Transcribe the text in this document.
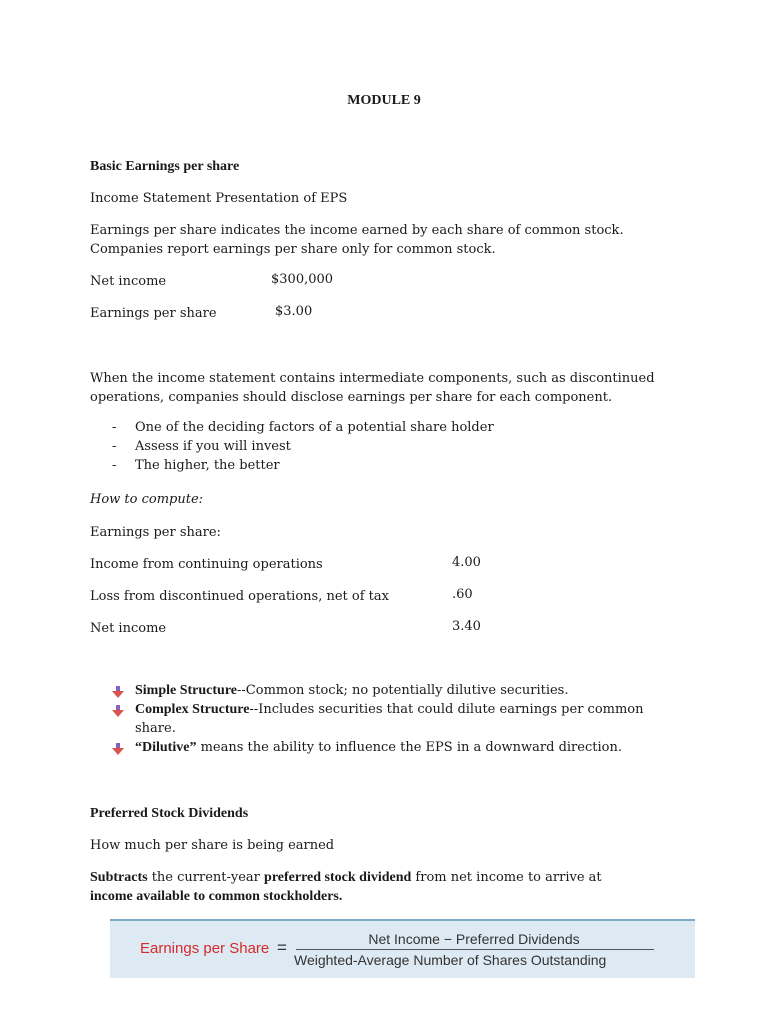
MODULE 9
Basic Earnings per share
Income Statement Presentation of EPS
Earnings per share indicates the income earned by each share of common stock.
Companies report earnings per share only for common stock.
Net income	$300,000
Earnings per share	$3.00
When the income statement contains intermediate components, such as discontinued
operations, companies should disclose earnings per share for each component.
- One of the deciding factors of a potential share holder
- Assess if you will invest
- The higher, the better
How to compute:
Earnings per share:
Income from continuing operations	4.00
Loss from discontinued operations, net of tax	.60
Net income	3.40
Simple Structure--Common stock; no potentially dilutive securities.
Complex Structure--Includes securities that could dilute earnings per common
share.
“Dilutive” means the ability to influence the EPS in a downward direction.
Preferred Stock Dividends
How much per share is being earned
Subtracts the current-year preferred stock dividend from net income to arrive at
income available to common stockholders.
Earnings per Share =	Net Income − Preferred Dividends
Weighted-Average Number of Shares Outstanding
